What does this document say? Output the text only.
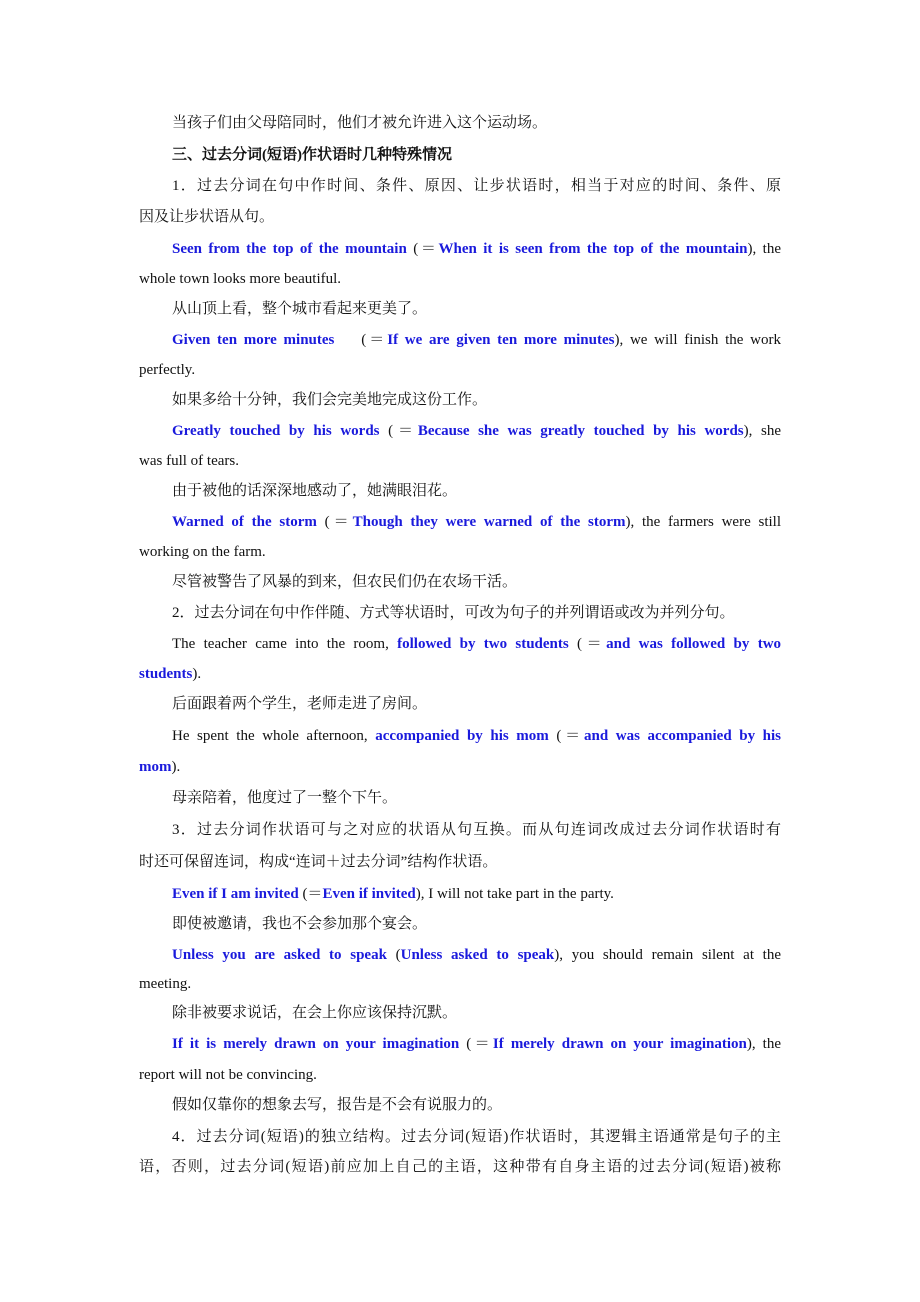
当孩子们由父母陪同时，他们才被允许进入这个运动场。
三、过去分词(短语)作状语时几种特殊情况
1．过去分词在句中作时间、条件、原因、让步状语时，相当于对应的时间、条件、原
因及让步状语从句。
Seen from the top of the mountain (＝When it is seen from the top of the mountain), the
whole town looks more beautiful.
从山顶上看，整个城市看起来更美了。
Given ten more minutes    (＝If we are given ten more minutes), we will finish the work
perfectly.
如果多给十分钟，我们会完美地完成这份工作。
Greatly touched by his words (＝Because she was greatly touched by his words), she
was full of tears.
由于被他的话深深地感动了，她满眼泪花。
Warned of the storm (＝Though they were warned of the storm), the farmers were still
working on the farm.
尽管被警告了风暴的到来，但农民们仍在农场干活。
2．过去分词在句中作伴随、方式等状语时，可改为句子的并列谓语或改为并列分句。
The teacher came into the room, followed by two students (＝and was followed by two
students).
后面跟着两个学生，老师走进了房间。
He spent the whole afternoon, accompanied by his mom (＝and was accompanied by his
mom).
母亲陪着，他度过了一整个下午。
3．过去分词作状语可与之对应的状语从句互换。而从句连词改成过去分词作状语时有
时还可保留连词，构成“连词＋过去分词”结构作状语。
Even if I am invited (＝Even if invited), I will not take part in the party.
即使被邀请，我也不会参加那个宴会。
Unless you are asked to speak (Unless asked to speak), you should remain silent at the
meeting.
除非被要求说话，在会上你应该保持沉默。
If it is merely drawn on your imagination (＝If merely drawn on your imagination), the
report will not be convincing.
假如仅靠你的想象去写，报告是不会有说服力的。
4．过去分词(短语)的独立结构。过去分词(短语)作状语时，其逻辑主语通常是句子的主
语，否则，过去分词(短语)前应加上自己的主语，这种带有自身主语的过去分词(短语)被称
